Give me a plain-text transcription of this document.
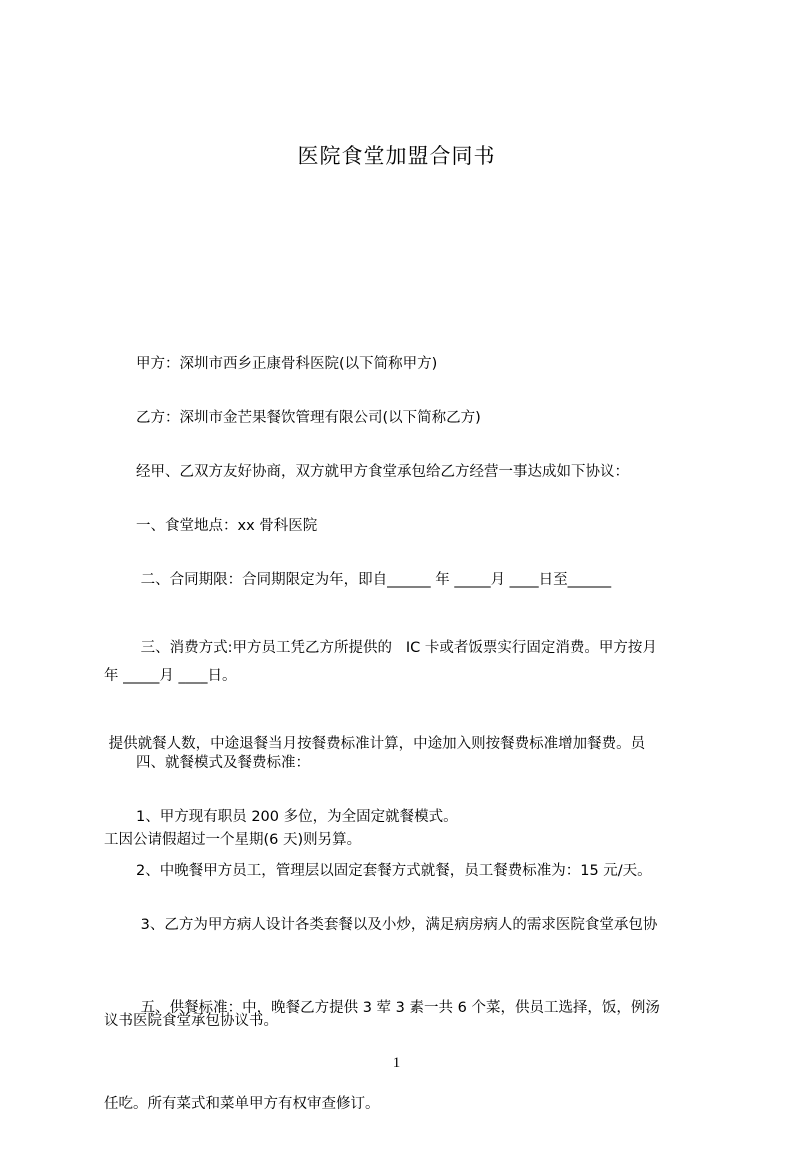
医院食堂加盟合同书

甲方：深圳市西乡正康骨科医院(以下简称甲方)

乙方：深圳市金芒果餐饮管理有限公司(以下简称乙方)

经甲、乙双方友好协商，双方就甲方食堂承包给乙方经营一事达成如下协议：

一、食堂地点：xx 骨科医院

二、合同期限：合同期限定为年，即自______ 年 _____月 ____日至______

年 _____月 ____日。

三、消费方式:甲方员工凭乙方所提供的   IC 卡或者饭票实行固定消费。甲方按月

提供就餐人数，中途退餐当月按餐费标准计算，中途加入则按餐费标准增加餐费。员

工因公请假超过一个星期(6 天)则另算。

四、就餐模式及餐费标准：

1、甲方现有职员 200 多位，为全固定就餐模式。

2、中晚餐甲方员工，管理层以固定套餐方式就餐，员工餐费标准为：15 元/天。

3、乙方为甲方病人设计各类套餐以及小炒，满足病房病人的需求医院食堂承包协

议书医院食堂承包协议书。

五、供餐标准：中，晚餐乙方提供 3 荤 3 素一共 6 个菜，供员工选择，饭，例汤

任吃。所有菜式和菜单甲方有权审查修订。

1
